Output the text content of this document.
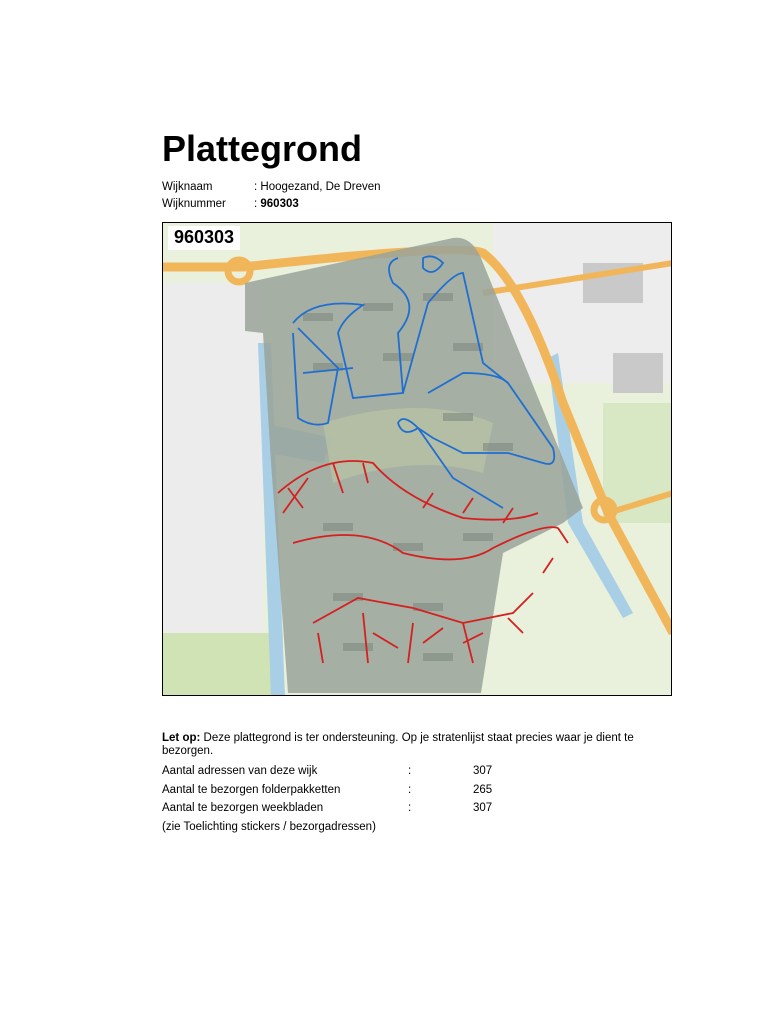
Plattegrond
Wijknaam	: Hoogezand, De Dreven
Wijknummer : 960303
960303
Let op: Deze plattegrond is ter ondersteuning. Op je stratenlijst staat precies waar je dient te bezorgen.
Aantal adressen van deze wijk	:	307
Aantal te bezorgen folderpakketten	:	265
Aantal te bezorgen weekbladen	:	307
(zie Toelichting stickers / bezorgadressen)
